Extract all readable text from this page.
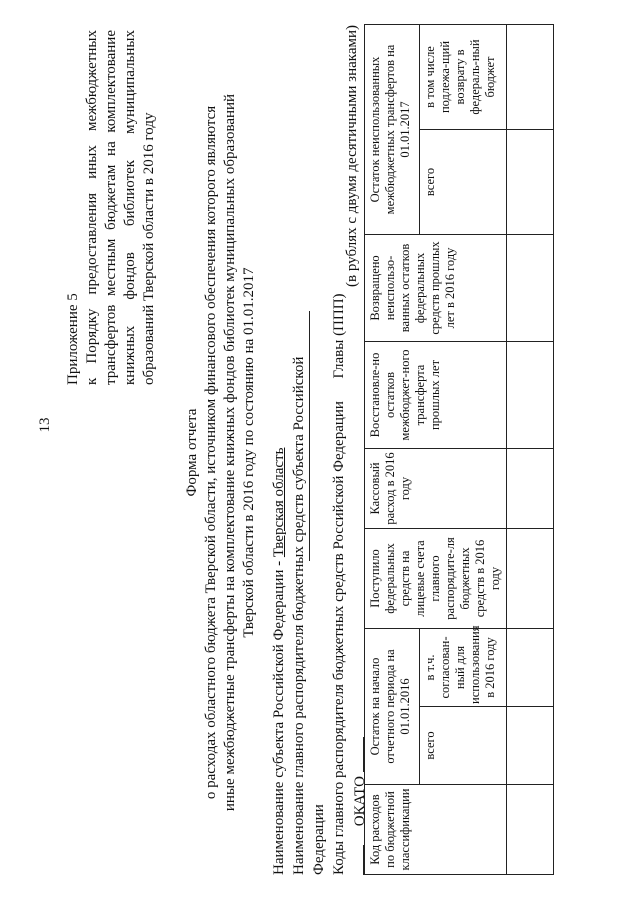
13
Приложение 5 к Порядку предоставления иных межбюджетных трансфертов местным бюджетам на комплектование книжных фондов библиотек муниципальных образований Тверской области в 2016 году
Форма отчета о расходах областного бюджета Тверской области, источником финансового обеспечения которого являются иные межбюджетные трансферты на комплектование книжных фондов библиотек муниципальных образований Тверской области в 2016 году по состоянию на 01.01.2017
Наименование субъекта Российской Федерации - Тверская область Наименование главного распорядителя бюджетных средств субъекта Российской Федерации Коды главного распорядителя бюджетных средств Российской Федерации      Главы (ППП)      ОКАТО
(в рублях с двумя десятичными знаками)
Код расходов по бюджетной классификации	Остаток на начало отчетного периода на 01.01.2016		Поступило федеральных средств на лицевые счета главного распорядите-ля бюджетных средств в 2016 году	Кассовый расход в 2016 году	Восстановле-но остатков межбюджет-ного трансферта прошлых лет	Возвращено неиспользо-ванных остатков федеральных средств прошлых лет в 2016 году	Остаток неиспользованных межбюджетных трансфертов на 01.01.2017	
	всего	в т.ч. согласован-ный для использования в 2016 году					всего	в том числе подлежа-щий возврату в федераль-ный бюджет
